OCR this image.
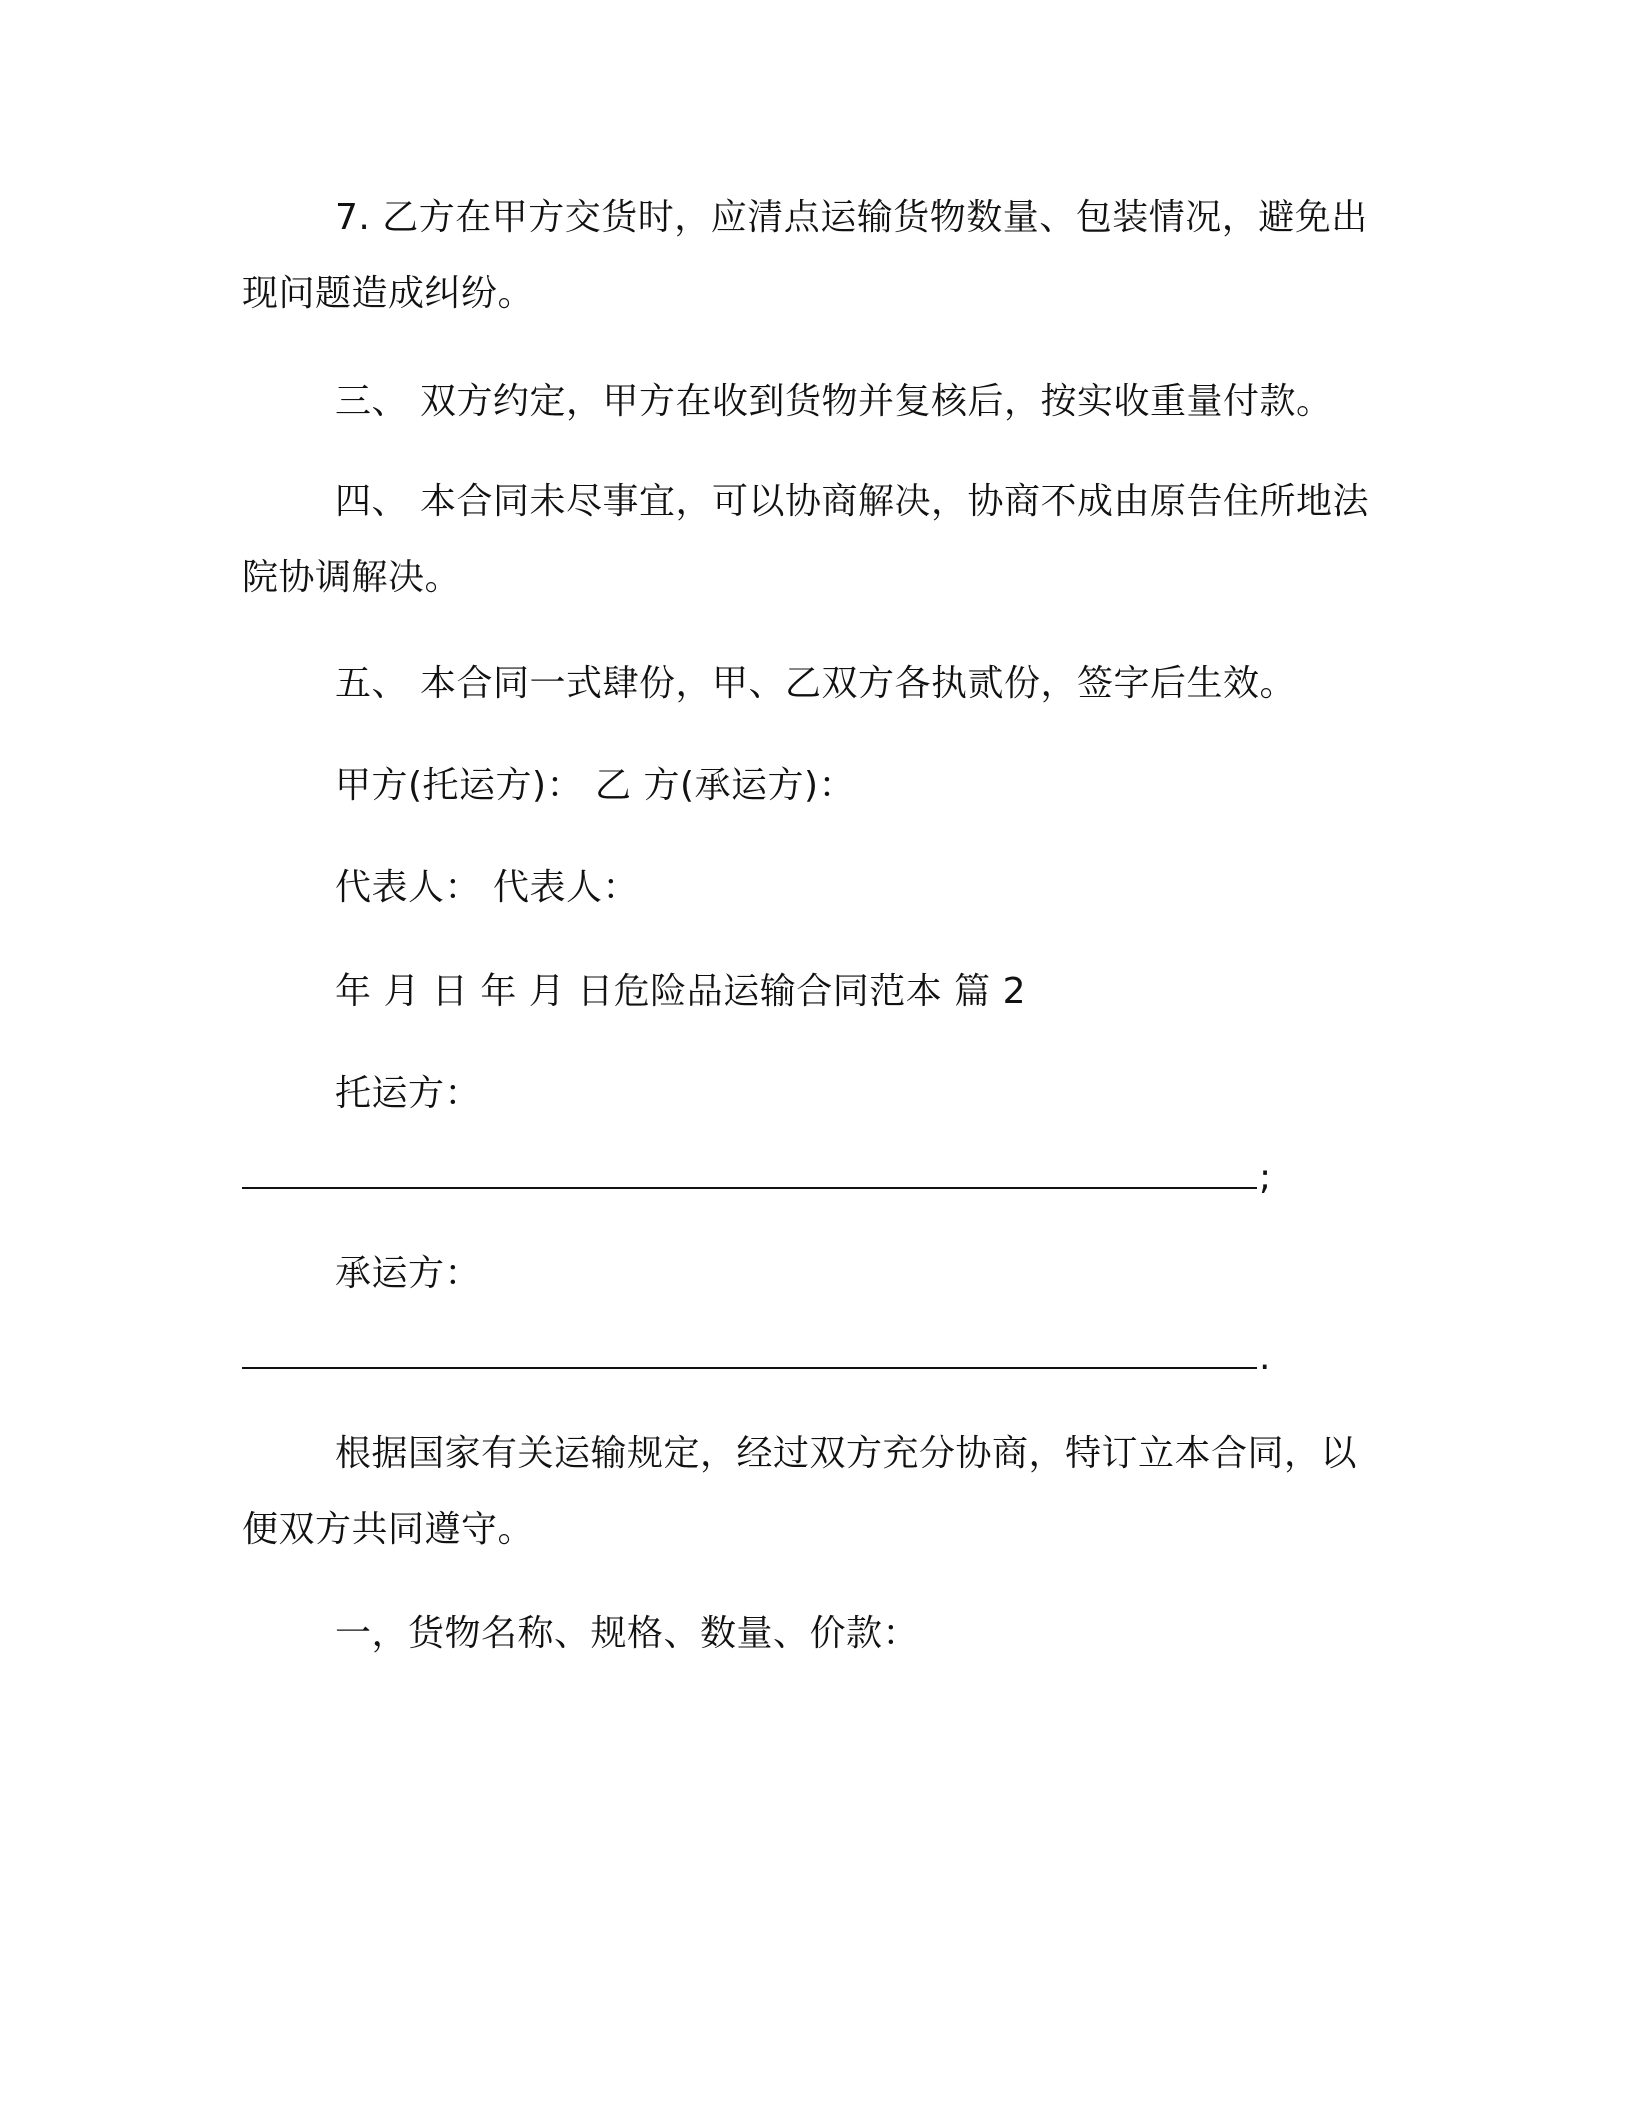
7. 乙方在甲方交货时，应清点运输货物数量、包装情况，避免出

现问题造成纠纷。

三、 双方约定，甲方在收到货物并复核后，按实收重量付款。

四、 本合同未尽事宜，可以协商解决，协商不成由原告住所地法

院协调解决。

五、 本合同一式肆份，甲、乙双方各执贰份，签字后生效。

甲方(托运方)： 乙 方(承运方)：

代表人： 代表人：

年 月 日 年 月 日危险品运输合同范本 篇 2

托运方：

;

承运方：

.

根据国家有关运输规定，经过双方充分协商，特订立本合同，以

便双方共同遵守。

一，货物名称、规格、数量、价款：
